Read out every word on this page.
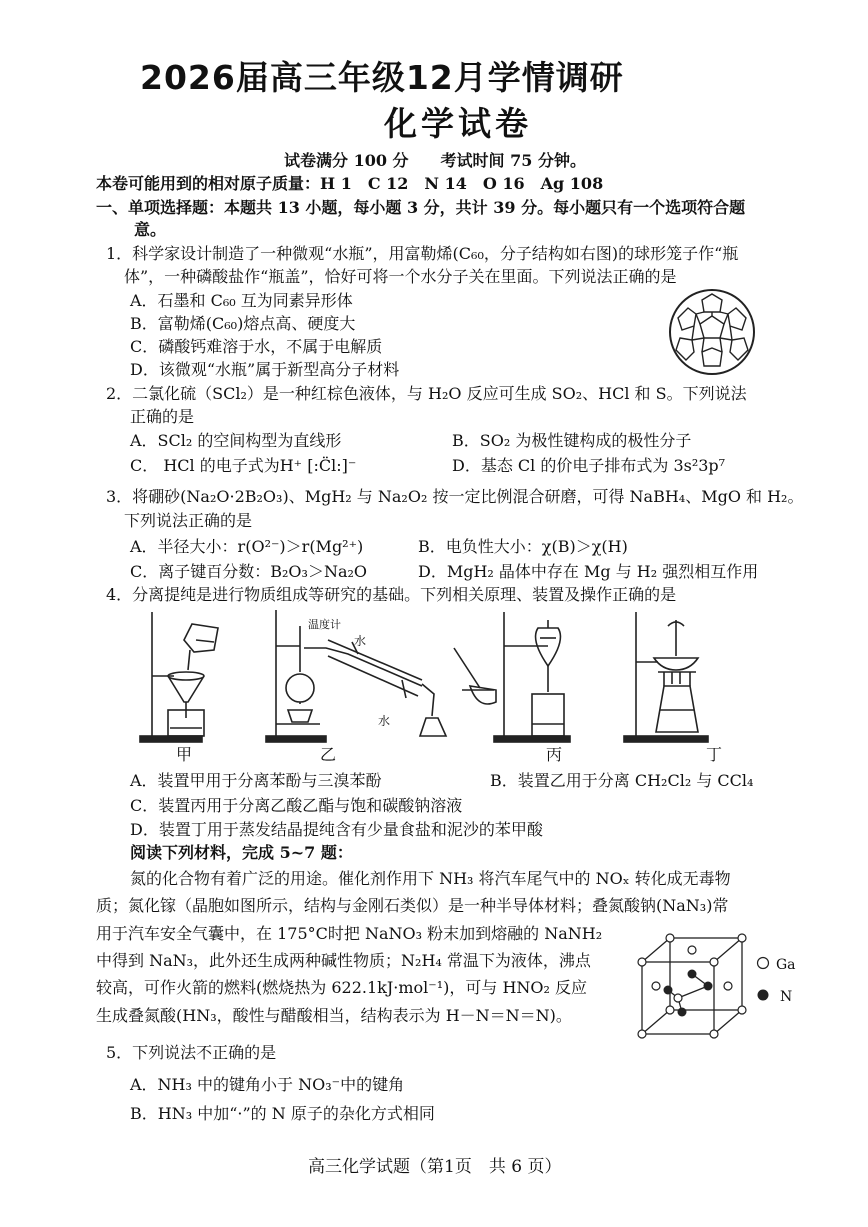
2026届高三年级12月学情调研
化学试卷
试卷满分 100 分　　考试时间 75 分钟。
本卷可能用到的相对原子质量：H 1　C 12　N 14　O 16　Ag 108
一、单项选择题：本题共 13 小题，每小题 3 分，共计 39 分。每小题只有一个选项符合题
意。
1．科学家设计制造了一种微观“水瓶”，用富勒烯(C₆₀，分子结构如右图)的球形笼子作“瓶
体”，一种磷酸盐作“瓶盖”，恰好可将一个水分子关在里面。下列说法正确的是
A．石墨和 C₆₀ 互为同素异形体
B．富勒烯(C₆₀)熔点高、硬度大
C．磷酸钙难溶于水，不属于电解质
D．该微观“水瓶”属于新型高分子材料
2．二氯化硫（SCl₂）是一种红棕色液体，与 H₂O 反应可生成 SO₂、HCl 和 S。下列说法
正确的是
A．SCl₂ 的空间构型为直线形	B．SO₂ 为极性键构成的极性分子
C． HCl 的电子式为H⁺ [:C̈l:]⁻	D．基态 Cl 的价电子排布式为 3s²3p⁷
3．将硼砂(Na₂O·2B₂O₃)、MgH₂ 与 Na₂O₂ 按一定比例混合研磨，可得 NaBH₄、MgO 和 H₂。
下列说法正确的是
A．半径大小：r(O²⁻)＞r(Mg²⁺)	B．电负性大小：χ(B)＞χ(H)
C．离子键百分数：B₂O₃＞Na₂O	D．MgH₂ 晶体中存在 Mg 与 H₂ 强烈相互作用
4．分离提纯是进行物质组成等研究的基础。下列相关原理、装置及操作正确的是
甲
温度计
水
水
乙	丙	丁
A．装置甲用于分离苯酚与三溴苯酚	B．装置乙用于分离 CH₂Cl₂ 与 CCl₄
C．装置丙用于分离乙酸乙酯与饱和碳酸钠溶液
D．装置丁用于蒸发结晶提纯含有少量食盐和泥沙的苯甲酸
阅读下列材料，完成 5~7 题：
氮的化合物有着广泛的用途。催化剂作用下 NH₃ 将汽车尾气中的 NOₓ 转化成无毒物
质；氮化镓（晶胞如图所示，结构与金刚石类似）是一种半导体材料；叠氮酸钠(NaN₃)常
用于汽车安全气囊中，在 175°C时把 NaNO₃ 粉末加到熔融的 NaNH₂
中得到 NaN₃，此外还生成两种碱性物质；N₂H₄ 常温下为液体，沸点
较高，可作火箭的燃料(燃烧热为 622.1kJ·mol⁻¹)，可与 HNO₂ 反应
生成叠氮酸(HN₃，酸性与醋酸相当，结构表示为 H－N＝N＝N)。
Ga
N
5．下列说法不正确的是
A．NH₃ 中的键角小于 NO₃⁻中的键角
B．HN₃ 中加“·”的 N 原子的杂化方式相同
高三化学试题（第1页　共 6 页）
